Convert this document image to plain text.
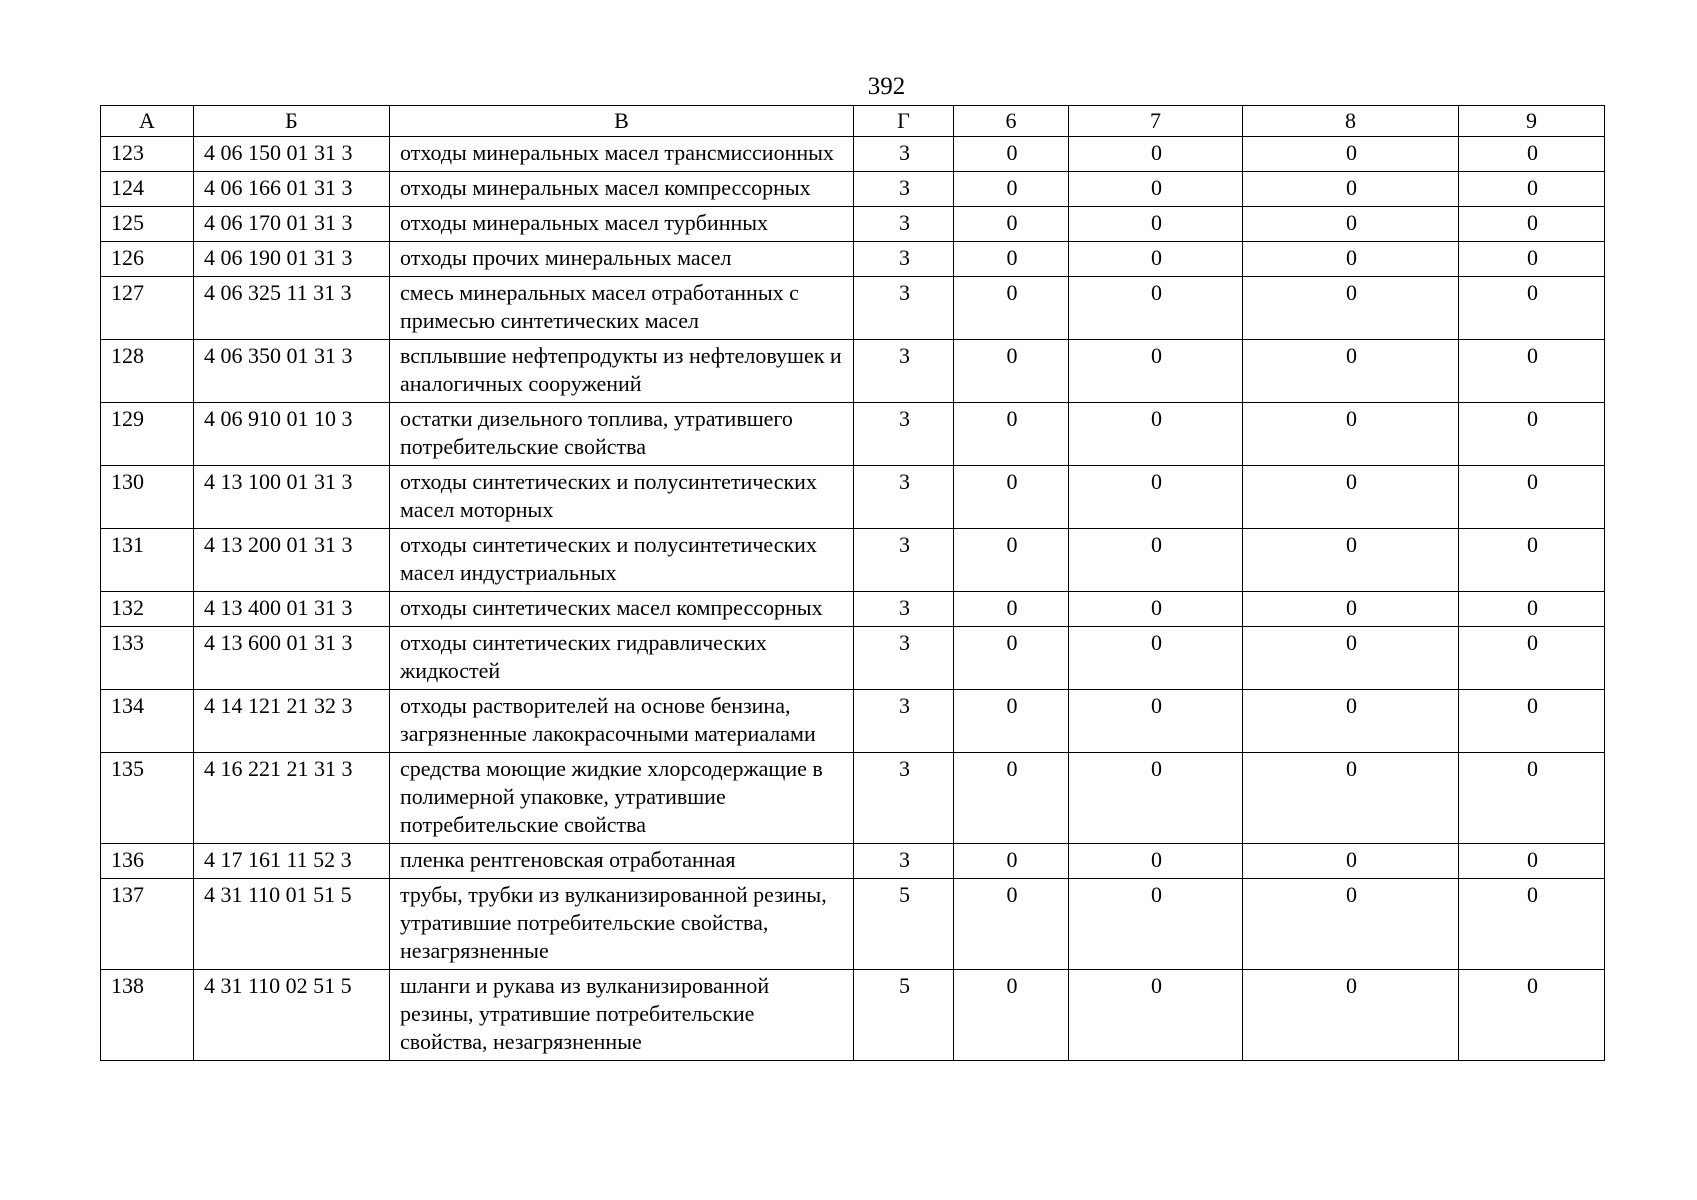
392
А	Б	В	Г	6	7	8	9
123	4 06 150 01 31 3	отходы минеральных масел трансмиссионных	3	0	0	0	0
124	4 06 166 01 31 3	отходы минеральных масел компрессорных	3	0	0	0	0
125	4 06 170 01 31 3	отходы минеральных масел турбинных	3	0	0	0	0
126	4 06 190 01 31 3	отходы прочих минеральных масел	3	0	0	0	0
127	4 06 325 11 31 3	смесь минеральных масел отработанных с примесью синтетических масел	3	0	0	0	0
128	4 06 350 01 31 3	всплывшие нефтепродукты из нефтеловушек и аналогичных сооружений	3	0	0	0	0
129	4 06 910 01 10 3	остатки дизельного топлива, утратившего потребительские свойства	3	0	0	0	0
130	4 13 100 01 31 3	отходы синтетических и полусинтетических масел моторных	3	0	0	0	0
131	4 13 200 01 31 3	отходы синтетических и полусинтетических масел индустриальных	3	0	0	0	0
132	4 13 400 01 31 3	отходы синтетических масел компрессорных	3	0	0	0	0
133	4 13 600 01 31 3	отходы синтетических гидравлических жидкостей	3	0	0	0	0
134	4 14 121 21 32 3	отходы растворителей на основе бензина, загрязненные лакокрасочными материалами	3	0	0	0	0
135	4 16 221 21 31 3	средства моющие жидкие хлорсодержащие в полимерной упаковке, утратившие потребительские свойства	3	0	0	0	0
136	4 17 161 11 52 3	пленка рентгеновская отработанная	3	0	0	0	0
137	4 31 110 01 51 5	трубы, трубки из вулканизированной резины, утратившие потребительские свойства, незагрязненные	5	0	0	0	0
138	4 31 110 02 51 5	шланги и рукава из вулканизированной резины, утратившие потребительские свойства, незагрязненные	5	0	0	0	0
